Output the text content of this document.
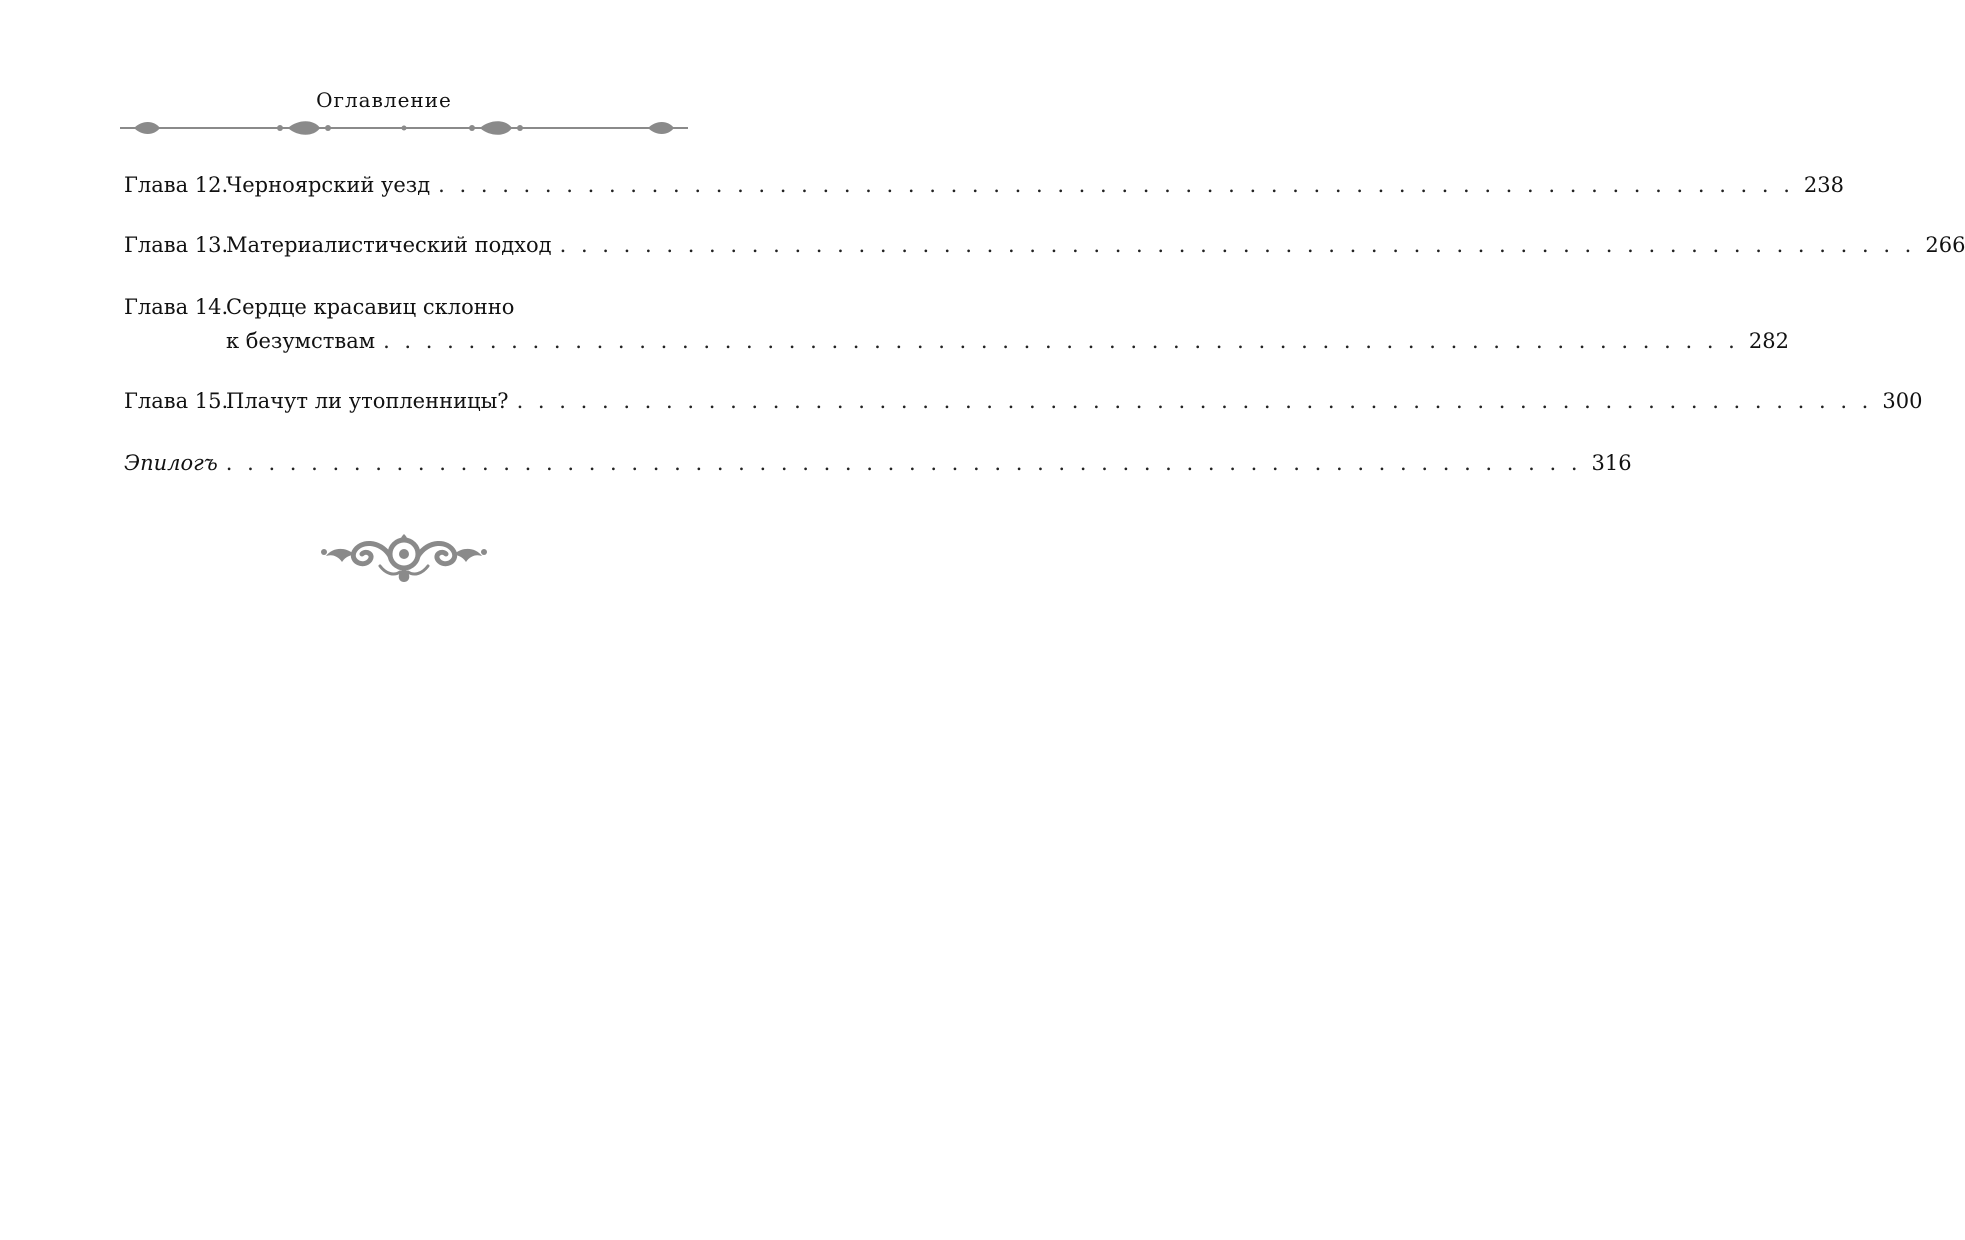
Оглавление
Глава 12.
Черноярский уезд . . . . . . . . . . . . . . . . . . . . . . . . . . . . . . . . . . . . . . . . . . . . . . . . . . . . . . . . . . . . . . . . 238
Глава 13.
Материалистический подход . . . . . . . . . . . . . . . . . . . . . . . . . . . . . . . . . . . . . . . . . . . . . . . . . . . . . . . . . . . . . . . . 266
Глава 14.
Сердце красавиц склонно
к безумствам . . . . . . . . . . . . . . . . . . . . . . . . . . . . . . . . . . . . . . . . . . . . . . . . . . . . . . . . . . . . . . . . 282
Глава 15.
Плачут ли утопленницы? . . . . . . . . . . . . . . . . . . . . . . . . . . . . . . . . . . . . . . . . . . . . . . . . . . . . . . . . . . . . . . . . 300
Эпилогъ . . . . . . . . . . . . . . . . . . . . . . . . . . . . . . . . . . . . . . . . . . . . . . . . . . . . . . . . . . . . . . . . 316
